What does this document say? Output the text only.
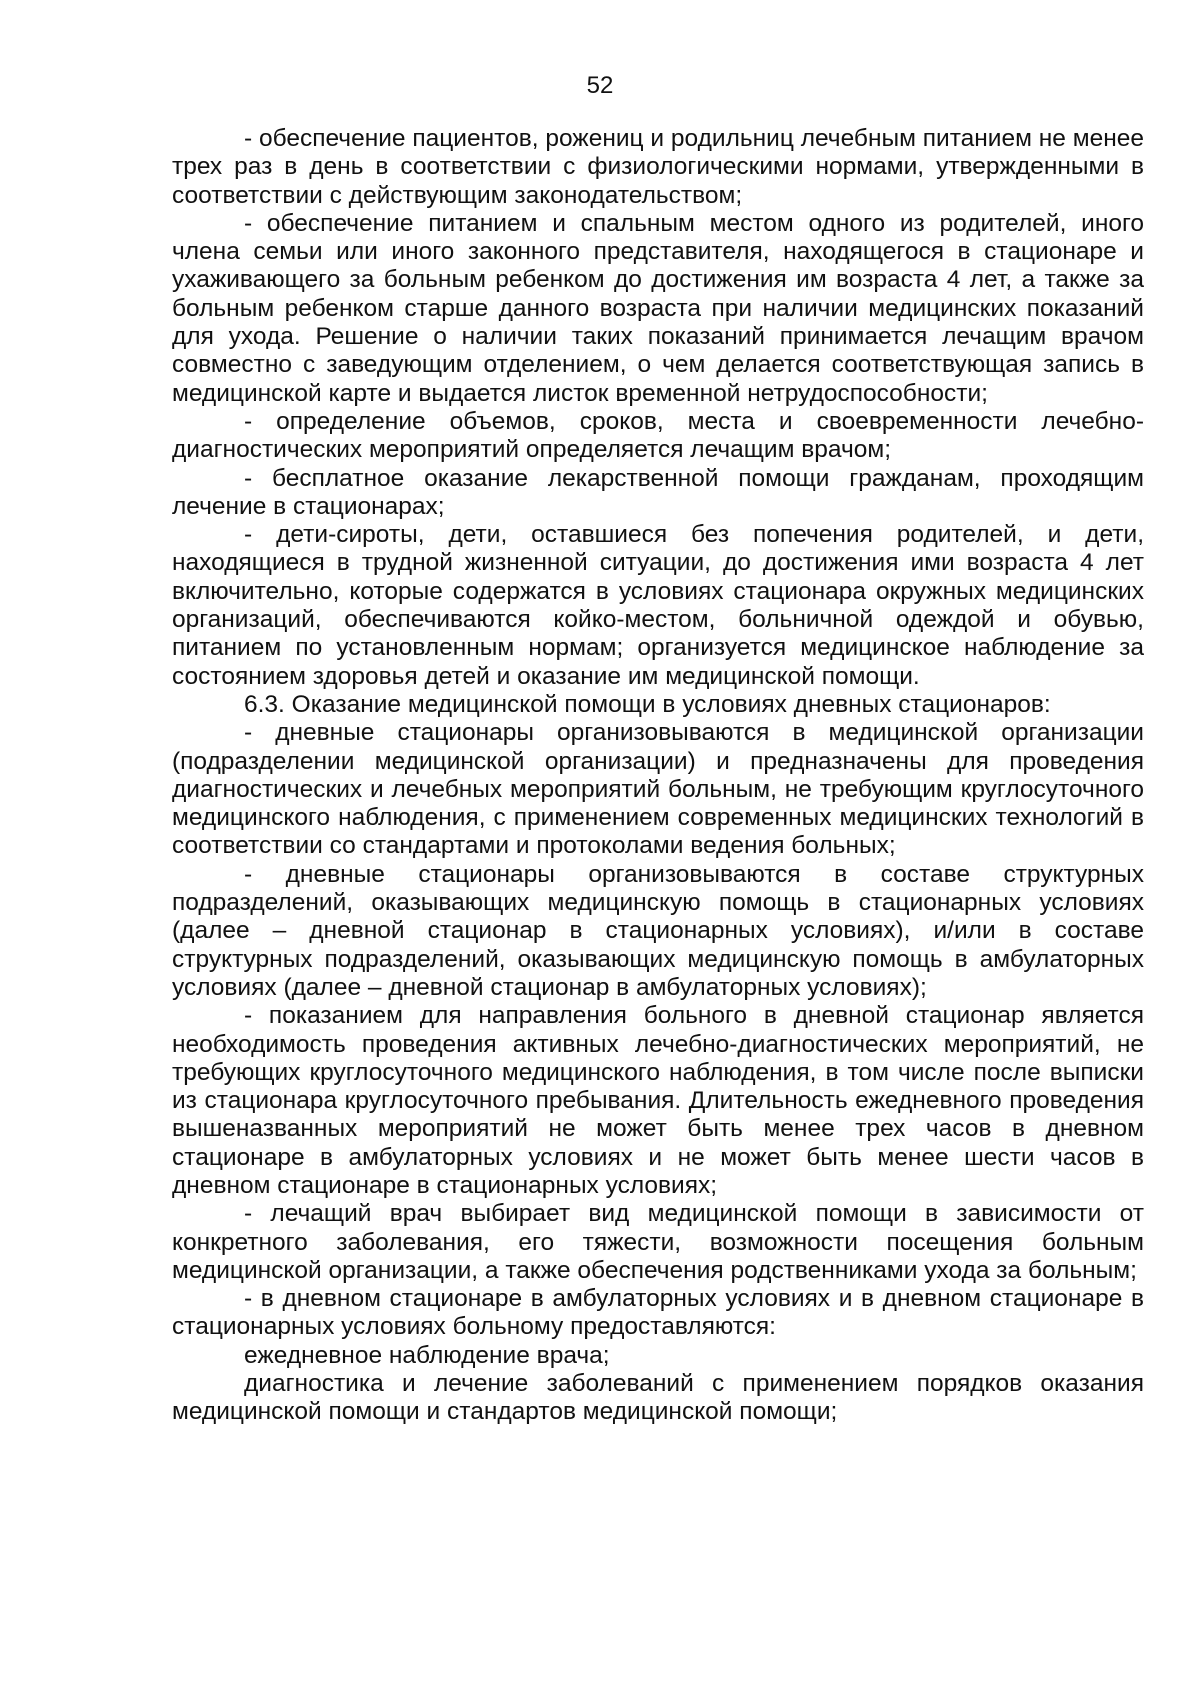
52

- обеспечение пациентов, рожениц и родильниц лечебным питанием не менее трех раз в день в соответствии с физиологическими нормами, утвержденными в соответствии с действующим законодательством;

- обеспечение питанием и спальным местом одного из родителей, иного члена семьи или иного законного представителя, находящегося в стационаре и ухаживающего за больным ребенком до достижения им возраста 4 лет, а также за больным ребенком старше данного возраста при наличии медицинских показаний для ухода. Решение о наличии таких показаний принимается лечащим врачом совместно с заведующим отделением, о чем делается соответствующая запись в медицинской карте и выдается листок временной нетрудоспособности;

- определение объемов, сроков, места и своевременности лечебно-диагностических мероприятий определяется лечащим врачом;

- бесплатное оказание лекарственной помощи гражданам, проходящим лечение в стационарах;

- дети-сироты, дети, оставшиеся без попечения родителей, и дети, находящиеся в трудной жизненной ситуации, до достижения ими возраста 4 лет включительно, которые содержатся в условиях стационара окружных медицинских организаций, обеспечиваются койко-местом, больничной одеждой и обувью, питанием по установленным нормам; организуется медицинское наблюдение за состоянием здоровья детей и оказание им медицинской помощи.

6.3. Оказание медицинской помощи в условиях дневных стационаров:

- дневные стационары организовываются в медицинской организации (подразделении медицинской организации) и предназначены для проведения диагностических и лечебных мероприятий больным, не требующим круглосуточного медицинского наблюдения, с применением современных медицинских технологий в соответствии со стандартами и протоколами ведения больных;

- дневные стационары организовываются в составе структурных подразделений, оказывающих медицинскую помощь в стационарных условиях (далее – дневной стационар в стационарных условиях), и/или в составе структурных подразделений, оказывающих медицинскую помощь в амбулаторных условиях (далее – дневной стационар в амбулаторных условиях);

- показанием для направления больного в дневной стационар является необходимость проведения активных лечебно-диагностических мероприятий, не требующих круглосуточного медицинского наблюдения, в том числе после выписки из стационара круглосуточного пребывания. Длительность ежедневного проведения вышеназванных мероприятий не может быть менее трех часов в дневном стационаре в амбулаторных условиях и не может быть менее шести часов в дневном стационаре в стационарных условиях;

- лечащий врач выбирает вид медицинской помощи в зависимости от конкретного заболевания, его тяжести, возможности посещения больным медицинской организации, а также обеспечения родственниками ухода за больным;

- в дневном стационаре в амбулаторных условиях и в дневном стационаре в стационарных условиях больному предоставляются:

ежедневное наблюдение врача;

диагностика и лечение заболеваний с применением порядков оказания медицинской помощи и стандартов медицинской помощи;
